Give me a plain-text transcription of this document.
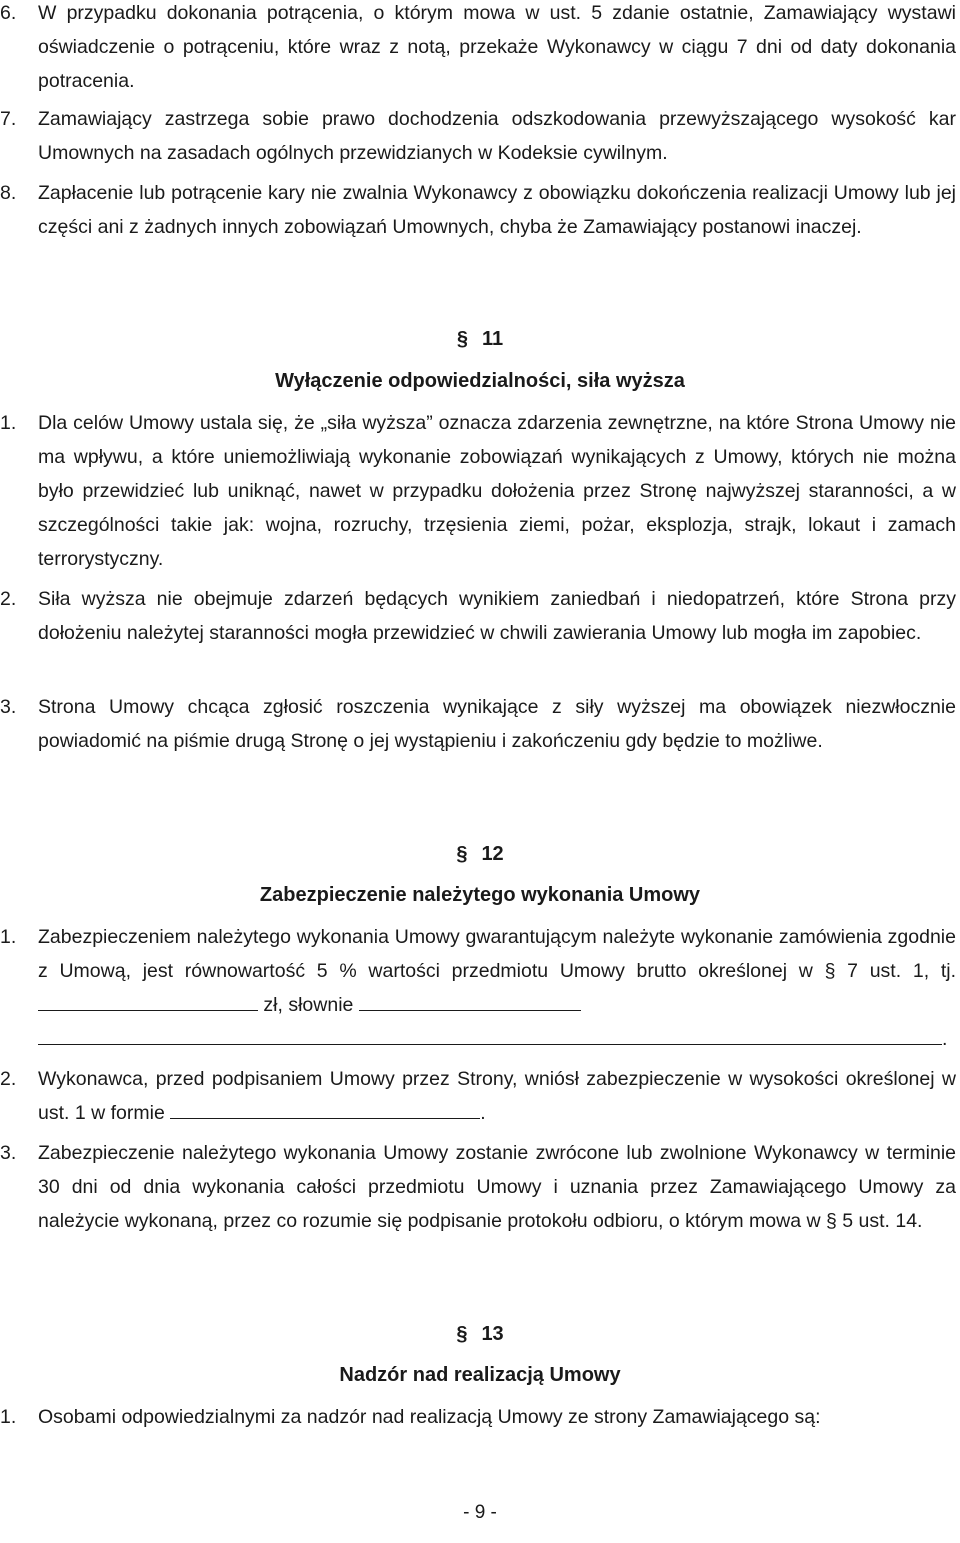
6. W przypadku dokonania potrącenia, o którym mowa w ust. 5 zdanie ostatnie, Zamawiający wystawi oświadczenie o potrąceniu, które wraz z notą, przekaże Wykonawcy w ciągu 7 dni od daty dokonania potracenia.
7. Zamawiający zastrzega sobie prawo dochodzenia odszkodowania przewyższającego wysokość kar Umownych na zasadach ogólnych przewidzianych w Kodeksie cywilnym.
8. Zapłacenie lub potrącenie kary nie zwalnia Wykonawcy z obowiązku dokończenia realizacji Umowy lub jej części ani z żadnych innych zobowiązań Umownych, chyba że Zamawiający postanowi inaczej.
§ 11
Wyłączenie odpowiedzialności, siła wyższa
1. Dla celów Umowy ustala się, że „siła wyższa” oznacza zdarzenia zewnętrzne, na które Strona Umowy nie ma wpływu, a które uniemożliwiają wykonanie zobowiązań wynikających z Umowy, których nie można było przewidzieć lub uniknąć, nawet w przypadku dołożenia przez Stronę najwyższej staranności, a w szczególności takie jak: wojna, rozruchy, trzęsienia ziemi, pożar, eksplozja, strajk, lokaut i zamach terrorystyczny.
2. Siła wyższa nie obejmuje zdarzeń będących wynikiem zaniedbań i niedopatrzeń, które Strona przy dołożeniu należytej staranności mogła przewidzieć w chwili zawierania Umowy lub mogła im zapobiec.
3. Strona Umowy chcąca zgłosić roszczenia wynikające z siły wyższej ma obowiązek niezwłocznie powiadomić na piśmie drugą Stronę o jej wystąpieniu i zakończeniu gdy będzie to możliwe.
§ 12
Zabezpieczenie należytego wykonania Umowy
1. Zabezpieczeniem należytego wykonania Umowy gwarantującym należyte wykonanie zamówienia zgodnie z Umową, jest równowartość 5 % wartości przedmiotu Umowy brutto określonej w § 7 ust. 1, tj.  zł, słownie
.
2. Wykonawca, przed podpisaniem Umowy przez Strony, wniósł zabezpieczenie w wysokości określonej w ust. 1 w formie	.
3. Zabezpieczenie należytego wykonania Umowy zostanie zwrócone lub zwolnione Wykonawcy w terminie 30 dni od dnia wykonania całości przedmiotu Umowy i uznania przez Zamawiającego Umowy za należycie wykonaną, przez co rozumie się podpisanie protokołu odbioru, o którym mowa w § 5 ust. 14.
§ 13
Nadzór nad realizacją Umowy
1. Osobami odpowiedzialnymi za nadzór nad realizacją Umowy ze strony Zamawiającego są:
- 9 -
